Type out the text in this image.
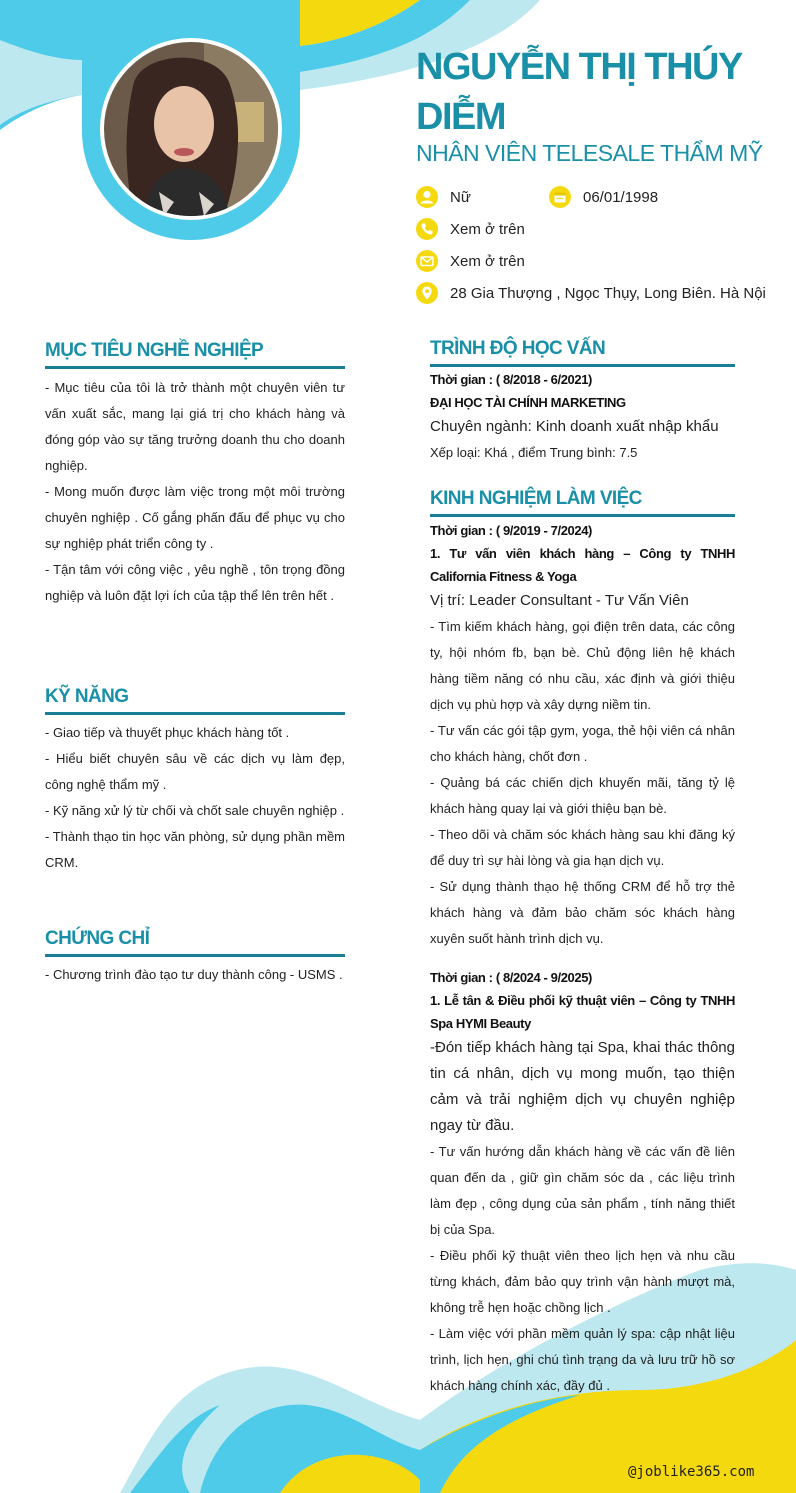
NGUYỄN THỊ THÚY DIỄM
NHÂN VIÊN TELESALE THẨM MỸ
Nữ	06/01/1998
Xem ở trên
Xem ở trên
28 Gia Thượng , Ngọc Thụy, Long Biên. Hà Nội
MỤC TIÊU NGHỀ NGHIỆP

- Mục tiêu của tôi là trở thành một chuyên viên tư vấn xuất sắc, mang lại giá trị cho khách hàng và đóng góp vào sự tăng trưởng doanh thu cho doanh nghiệp.

- Mong muốn được làm việc trong một môi trường chuyên nghiệp . Cố gắng phấn đấu để phục vụ cho sự nghiệp phát triển công ty .

- Tận tâm với công việc , yêu nghề , tôn trọng đồng nghiệp và luôn đặt lợi ích của tập thể lên trên hết .

KỸ NĂNG

- Giao tiếp và thuyết phục khách hàng tốt .

- Hiểu biết chuyên sâu về các dịch vụ làm đẹp, công nghệ thẩm mỹ .

- Kỹ năng xử lý từ chối và chốt sale chuyên nghiệp .

- Thành thạo tin học văn phòng, sử dụng phần mềm CRM.

CHỨNG CHỈ

- Chương trình đào tạo tư duy thành công - USMS .

TRÌNH ĐỘ HỌC VẤN
Thời gian : ( 8/2018 - 6/2021)
ĐẠI HỌC TÀI CHÍNH MARKETING
Chuyên ngành: Kinh doanh xuất nhập khẩu
Xếp loại: Khá , điểm Trung bình: 7.5
KINH NGHIỆM LÀM VIỆC
Thời gian : ( 9/2019 - 7/2024)
1. Tư vấn viên khách hàng – Công ty TNHH California Fitness & Yoga
Vị trí: Leader Consultant - Tư Vấn Viên

- Tìm kiếm khách hàng, gọi điện trên data, các công ty, hội nhóm fb, bạn bè. Chủ động liên hệ khách hàng tiềm năng có nhu cầu, xác định và giới thiệu dịch vụ phù hợp và xây dựng niềm tin.

- Tư vấn các gói tập gym, yoga, thẻ hội viên cá nhân cho khách hàng, chốt đơn .

- Quảng bá các chiến dịch khuyến mãi, tăng tỷ lệ khách hàng quay lại và giới thiệu bạn bè.

- Theo dõi và chăm sóc khách hàng sau khi đăng ký để duy trì sự hài lòng và gia hạn dịch vụ.

- Sử dụng thành thạo hệ thống CRM để hỗ trợ thẻ khách hàng và đảm bảo chăm sóc khách hàng xuyên suốt hành trình dịch vụ.

Thời gian : ( 8/2024 - 9/2025)
1. Lễ tân & Điều phối kỹ thuật viên – Công ty TNHH Spa HYMI Beauty

-Đón tiếp khách hàng tại Spa, khai thác thông tin cá nhân, dịch vụ mong muốn, tạo thiện cảm và trải nghiệm dịch vụ chuyên nghiệp ngay từ đầu.

- Tư vấn hướng dẫn khách hàng về các vấn đề liên quan đến da , giữ gìn chăm sóc da , các liệu trình làm đẹp , công dụng của sản phẩm , tính năng thiết bị của Spa.

- Điều phối kỹ thuật viên theo lịch hẹn và nhu cầu từng khách, đảm bảo quy trình vận hành mượt mà, không trễ hẹn hoặc chồng lịch .

- Làm việc với phần mềm quản lý spa: cập nhật liệu trình, lịch hẹn, ghi chú tình trạng da và lưu trữ hồ sơ khách hàng chính xác, đầy đủ .

@joblike365.com
